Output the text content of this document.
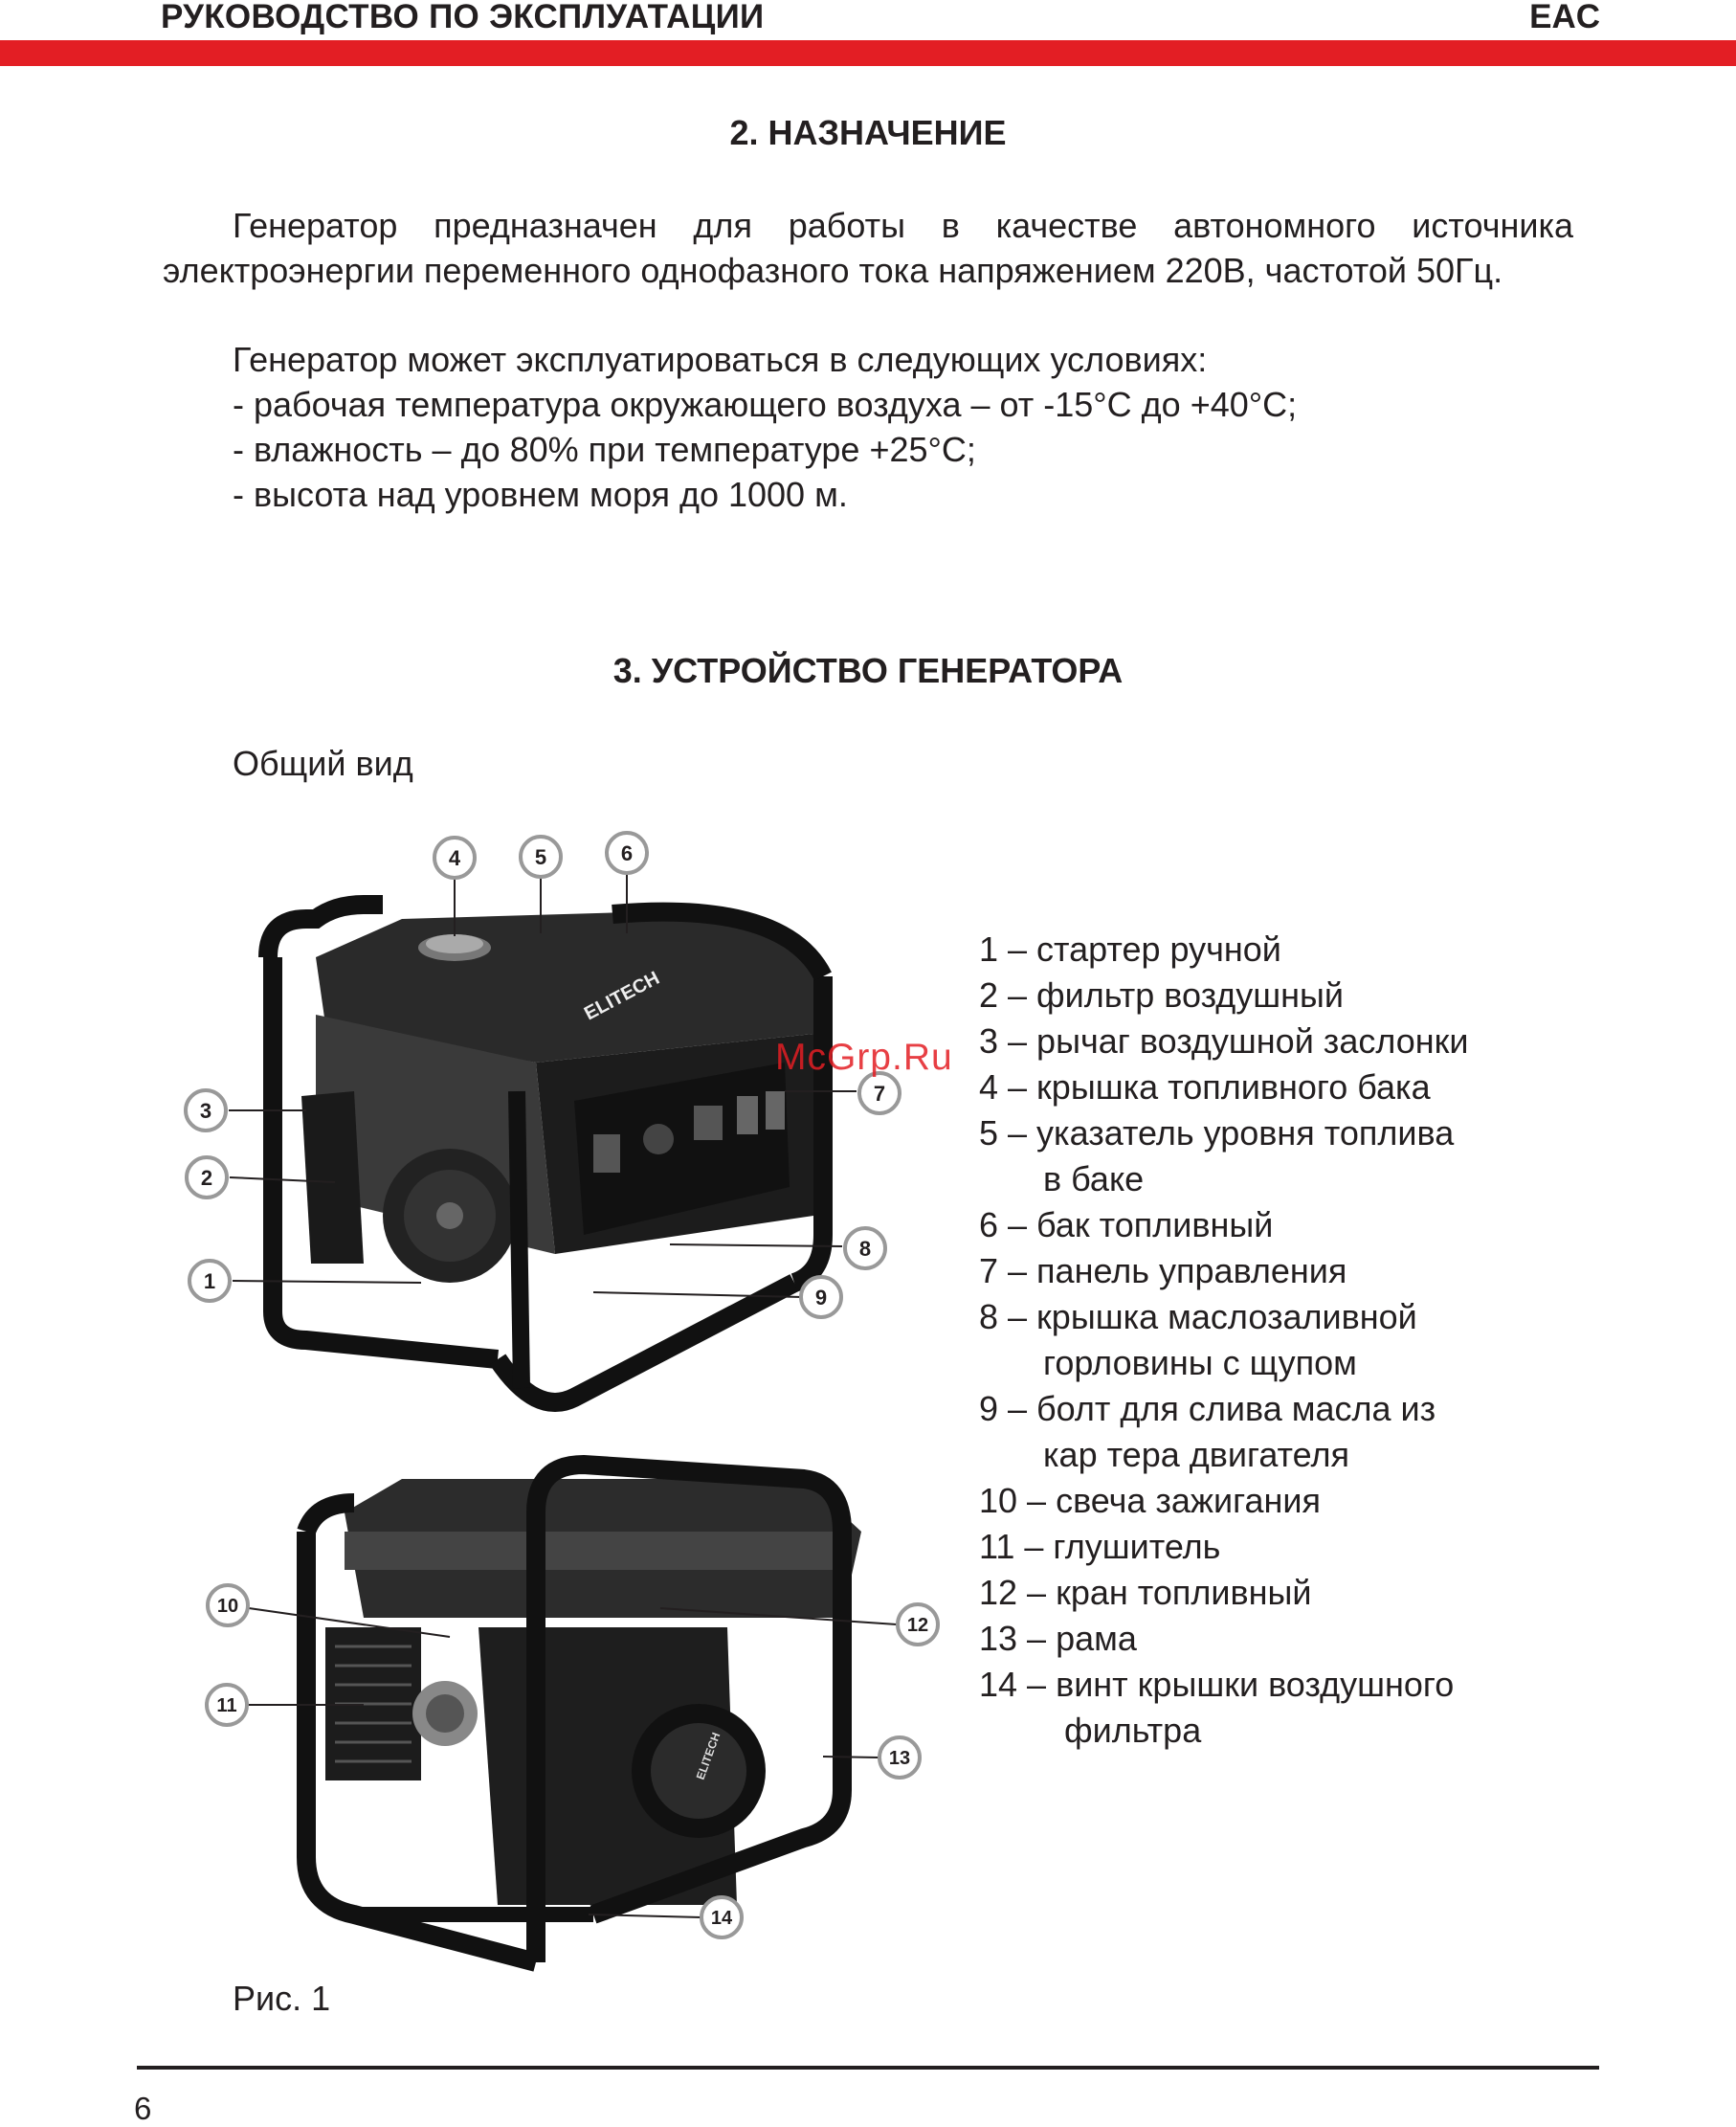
РУКОВОДСТВО ПО ЭКСПЛУАТАЦИИ	EAC
2. НАЗНАЧЕНИЕ
Генератор предназначен для работы в качестве автономного источника электроэнергии переменного однофазного тока напряжением 220В, частотой 50Гц.
Генератор может эксплуатироваться в следующих условиях:
- рабочая температура окружающего воздуха – от -15°С до +40°С;
- влажность – до 80% при температуре +25°С;
- высота над уровнем моря до 1000 м.
3. УСТРОЙСТВО ГЕНЕРАТОРА
Общий вид
ELITECH
ELITECH
4	5	6
3
2
1
7
8
9
10
11
12
13
14
1 – стартер ручной
2 – фильтр воздушный
3 – рычаг воздушной заслонки
4 – крышка топливного бака
5 – указатель уровня топлива
в баке
6 – бак топливный
7 – панель управления
8 – крышка маслозаливной
горловины с щупом
9 – болт для слива масла из
кар тера двигателя
10 – свеча зажигания
11 – глушитель
12 – кран топливный
13 – рама
14 – винт крышки воздушного
фильтра
McGrp.Ru
Рис. 1
6
